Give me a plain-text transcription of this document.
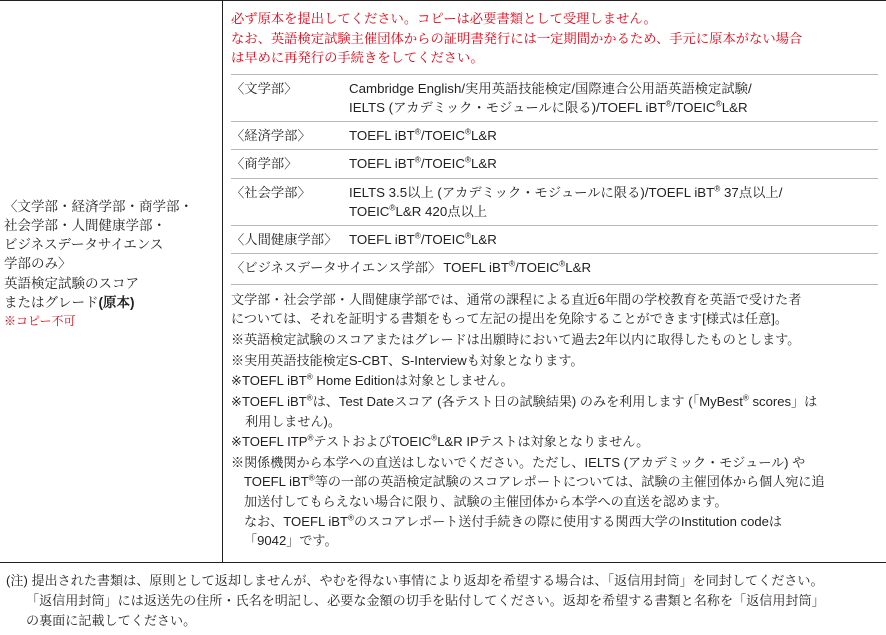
〈文学部・経済学部・商学部・
社会学部・人間健康学部・
ビジネスデータサイエンス
学部のみ〉
英語検定試験のスコア
またはグレード(原本)
※コピー不可
必ず原本を提出してください。コピーは必要書類として受理しません。
なお、英語検定試験主催団体からの証明書発行には一定期間かかるため、手元に原本がない場合
は早めに再発行の手続きをしてください。
〈文学部〉	Cambridge English/実用英語技能検定/国際連合公用語英語検定試験/
IELTS (アカデミック・モジュールに限る)/TOEFL iBT®/TOEIC®L&R
〈経済学部〉	TOEFL iBT®/TOEIC®L&R
〈商学部〉	TOEFL iBT®/TOEIC®L&R
〈社会学部〉	IELTS 3.5以上 (アカデミック・モジュールに限る)/TOEFL iBT® 37点以上/
TOEIC®L&R 420点以上
〈人間健康学部〉 TOEFL iBT®/TOEIC®L&R
〈ビジネスデータサイエンス学部〉 TOEFL iBT®/TOEIC®L&R
文学部・社会学部・人間健康学部では、通常の課程による直近6年間の学校教育を英語で受けた者
については、それを証明する書類をもって左記の提出を免除することができます[様式は任意]。
※英語検定試験のスコアまたはグレードは出願時において過去2年以内に取得したものとします。
※実用英語技能検定S-CBT、S-Interviewも対象となります。
※TOEFL iBT® Home Editionは対象としません。
※TOEFL iBT®は、Test Dateスコア (各テスト日の試験結果) のみを利用します (「MyBest® scores」は
利用しません)。
※TOEFL ITP®テストおよびTOEIC®L&R IPテストは対象となりません。
※関係機関から本学への直送はしないでください。ただし、IELTS (アカデミック・モジュール) や
TOEFL iBT®等の一部の英語検定試験のスコアレポートについては、試験の主催団体から個人宛に追
加送付してもらえない場合に限り、試験の主催団体から本学への直送を認めます。
なお、TOEFL iBT®のスコアレポート送付手続きの際に使用する関西大学のInstitution codeは
「9042」です。
(注) 提出された書類は、原則として返却しませんが、やむを得ない事情により返却を希望する場合は、「返信用封筒」を同封してください。
「返信用封筒」には返送先の住所・氏名を明記し、必要な金額の切手を貼付してください。返却を希望する書類と名称を「返信用封筒」
の裏面に記載してください。
